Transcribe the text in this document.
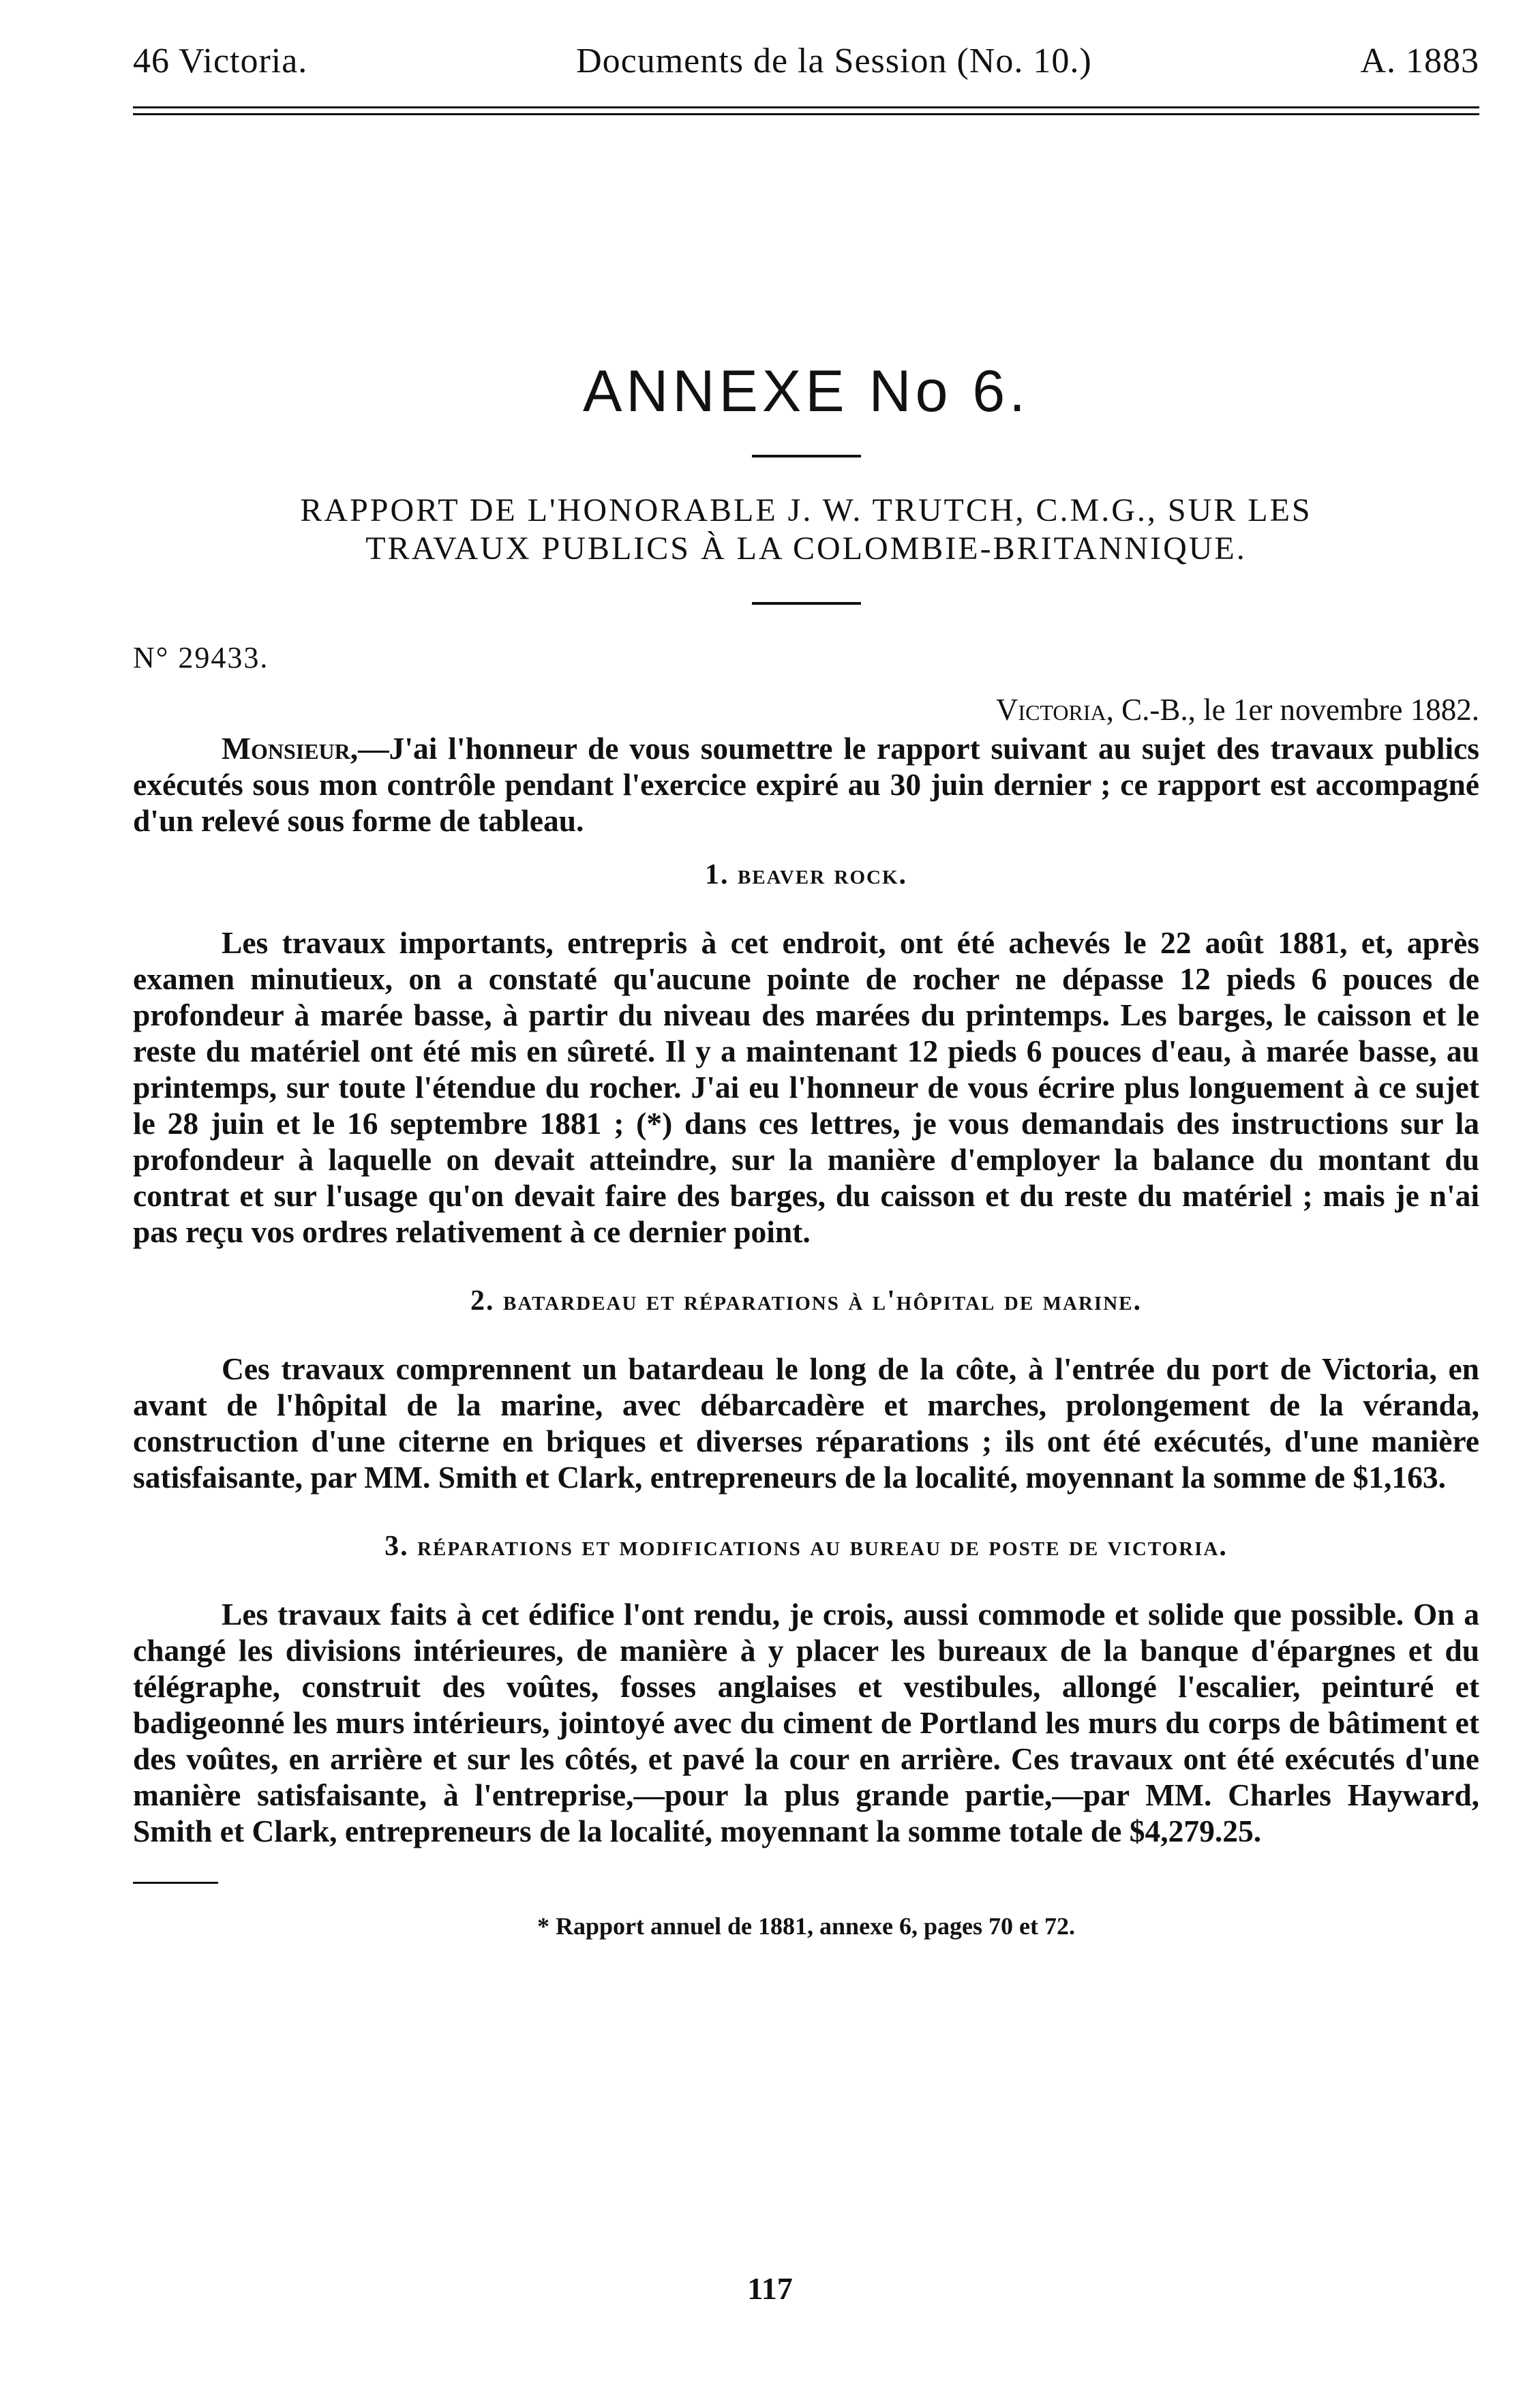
46 Victoria.	Documents de la Session (No. 10.)	A. 1883
ANNEXE No 6.
RAPPORT DE L'HONORABLE J. W. TRUTCH, C.M.G., SUR LES
TRAVAUX PUBLICS À LA COLOMBIE-BRITANNIQUE.
N° 29433.
Victoria, C.-B., le 1er novembre 1882.

Monsieur,—J'ai l'honneur de vous soumettre le rapport suivant au sujet des travaux publics exécutés sous mon contrôle pendant l'exercice expiré au 30 juin dernier ; ce rapport est accompagné d'un relevé sous forme de tableau.

1. beaver rock.

Les travaux importants, entrepris à cet endroit, ont été achevés le 22 août 1881, et, après examen minutieux, on a constaté qu'aucune pointe de rocher ne dépasse 12 pieds 6 pouces de profondeur à marée basse, à partir du niveau des marées du printemps. Les barges, le caisson et le reste du matériel ont été mis en sûreté. Il y a maintenant 12 pieds 6 pouces d'eau, à marée basse, au printemps, sur toute l'étendue du rocher. J'ai eu l'honneur de vous écrire plus longuement à ce sujet le 28 juin et le 16 septembre 1881 ; (*) dans ces lettres, je vous demandais des instructions sur la profondeur à laquelle on devait atteindre, sur la manière d'employer la balance du montant du contrat et sur l'usage qu'on devait faire des barges, du caisson et du reste du matériel ; mais je n'ai pas reçu vos ordres relativement à ce dernier point.

2. batardeau et réparations à l'hôpital de marine.

Ces travaux comprennent un batardeau le long de la côte, à l'entrée du port de Victoria, en avant de l'hôpital de la marine, avec débarcadère et marches, prolongement de la véranda, construction d'une citerne en briques et diverses réparations ; ils ont été exécutés, d'une manière satisfaisante, par MM. Smith et Clark, entrepreneurs de la localité, moyennant la somme de $1,163.

3. réparations et modifications au bureau de poste de victoria.

Les travaux faits à cet édifice l'ont rendu, je crois, aussi commode et solide que possible. On a changé les divisions intérieures, de manière à y placer les bureaux de la banque d'épargnes et du télégraphe, construit des voûtes, fosses anglaises et vestibules, allongé l'escalier, peinturé et badigeonné les murs intérieurs, jointoyé avec du ciment de Portland les murs du corps de bâtiment et des voûtes, en arrière et sur les côtés, et pavé la cour en arrière. Ces travaux ont été exécutés d'une manière satisfaisante, à l'entreprise,—pour la plus grande partie,—par MM. Charles Hayward, Smith et Clark, entrepreneurs de la localité, moyennant la somme totale de $4,279.25.

* Rapport annuel de 1881, annexe 6, pages 70 et 72.
117
